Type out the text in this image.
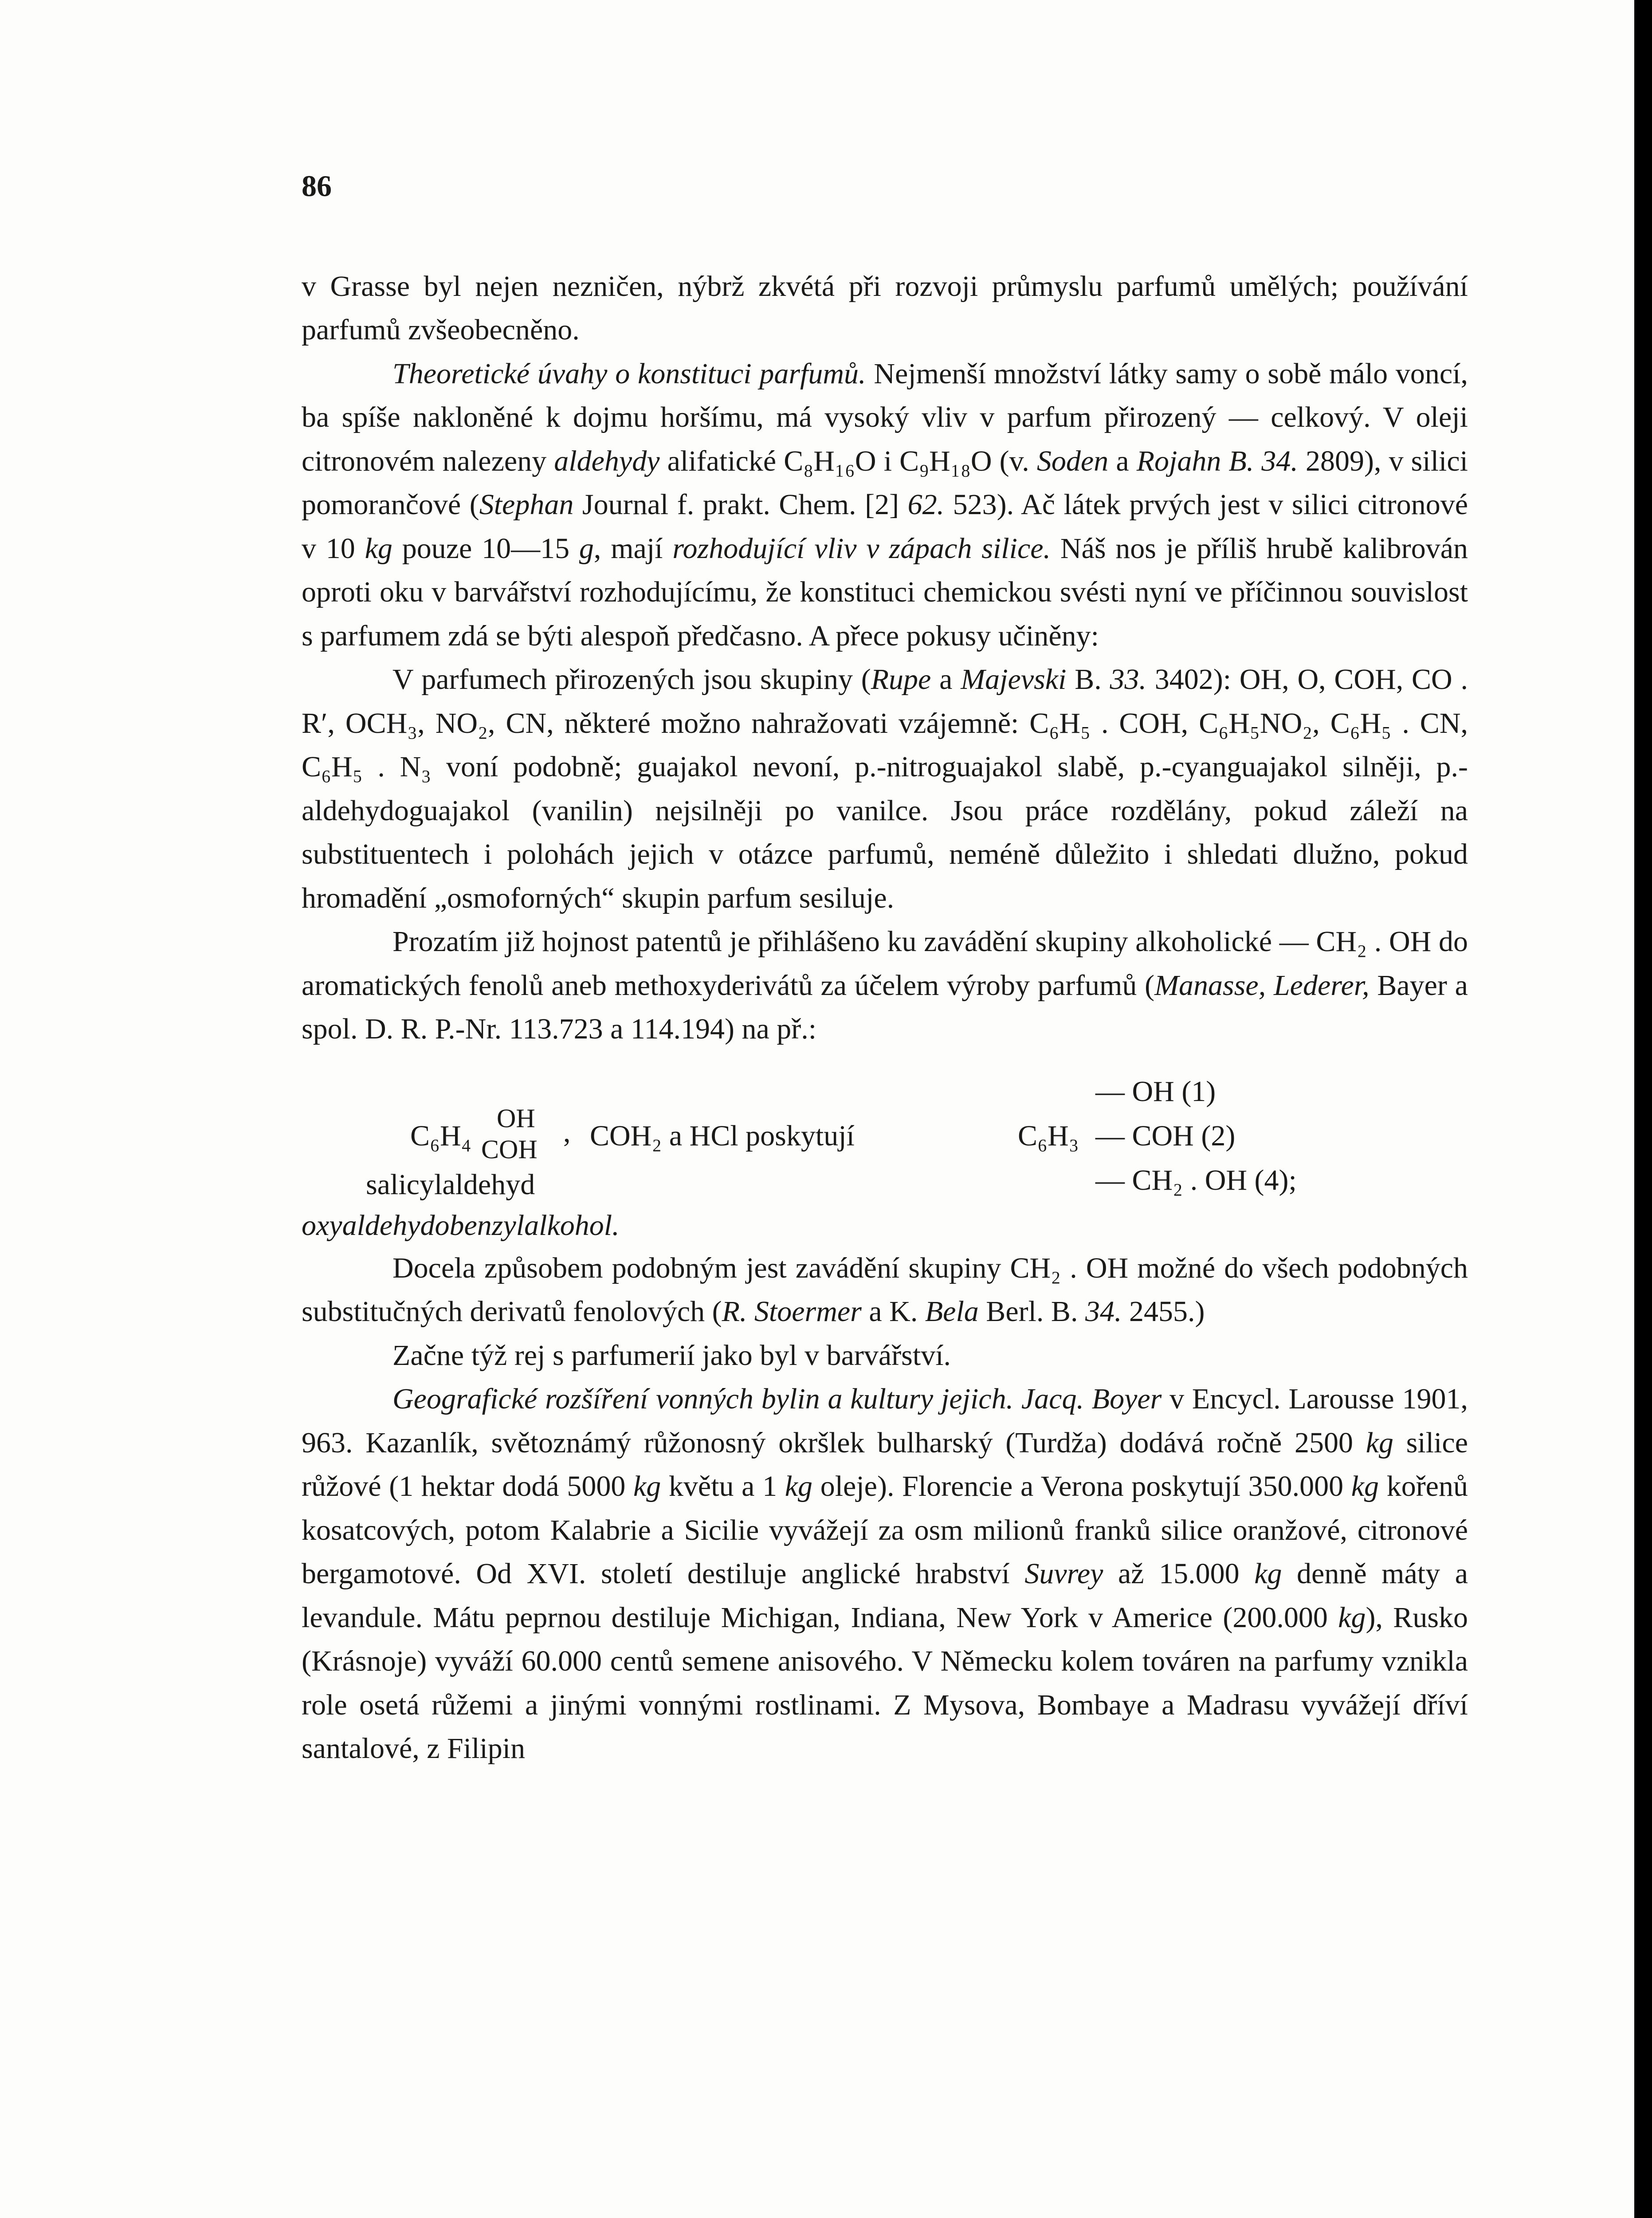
86

v Grasse byl nejen nezničen, nýbrž zkvétá při rozvoji průmyslu parfumů umělých; používání parfumů zvšeobecněno.

Theoretické úvahy o konstituci parfumů. Nejmenší množství látky samy o sobě málo voncí, ba spíše nakloněné k dojmu horšímu, má vysoký vliv v parfum přirozený — celkový. V oleji citronovém nalezeny aldehydy alifatické C₈H₁₆O i C₉H₁₈O (v. Soden a Rojahn B. 34. 2809), v silici pomorančové (Stephan Journal f. prakt. Chem. [2] 62. 523). Ač látek prvých jest v silici citronové v 10 kg pouze 10—15 g, mají rozhodující vliv v zápach silice. Náš nos je příliš hrubě kalibrován oproti oku v barvářství rozhodujícímu, že konstituci chemickou svésti nyní ve příčinnou souvislost s parfumem zdá se býti alespoň předčasno. A přece pokusy učiněny:

V parfumech přirozených jsou skupiny (Rupe a Majevski B. 33. 3402): OH, O, COH, CO . R′, OCH₃, NO₂, CN, některé možno nahražovati vzájemně: C₆H₅ . COH, C₆H₅NO₂, C₆H₅ . CN, C₆H₅ . N₃ voní podobně; guajakol nevoní, p.-nitroguajakol slabě, p.-cyanguajakol silněji, p.-aldehydoguajakol (vanilin) nejsilněji po vanilce. Jsou práce rozdělány, pokud záleží na substituentech i polohách jejich v otázce parfumů, neméně důležito i shledati dlužno, pokud hromadění „osmoforných“ skupin parfum sesiluje.

Prozatím již hojnost patentů je přihlášeno ku zavádění skupiny alkoholické — CH₂ . OH do aromatických fenolů aneb methoxyderivátů za účelem výroby parfumů (Manasse, Lederer, Bayer a spol. D. R. P.-Nr. 113.723 a 114.194) na př.:

C₆H₄
OH
COH
, COH₂ a HCl poskytují	C₆H₃
— OH (1)
— COH (2)
— CH₂ . OH (4);
salicylaldehyd
oxyaldehydobenzylalkohol.

Docela způsobem podobným jest zavádění skupiny CH₂ . OH možné do všech podobných substitučných derivatů fenolových (R. Stoermer a K. Bela Berl. B. 34. 2455.)

Začne týž rej s parfumerií jako byl v barvářství.

Geografické rozšíření vonných bylin a kultury jejich. Jacq. Boyer v Encycl. Larousse 1901, 963. Kazanlík, světoznámý růžonosný okršlek bulharský (Turdža) dodává ročně 2500 kg silice růžové (1 hektar dodá 5000 kg květu a 1 kg oleje). Florencie a Verona poskytují 350.000 kg kořenů kosatcových, potom Kalabrie a Sicilie vyvážejí za osm milionů franků silice oranžové, citronové bergamotové. Od XVI. století destiluje anglické hrabství Suvrey až 15.000 kg denně máty a levandule. Mátu peprnou destiluje Michigan, Indiana, New York v Americe (200.000 kg), Rusko (Krásnoje) vyváží 60.000 centů semene anisového. V Německu kolem továren na parfumy vznikla role osetá růžemi a jinými vonnými rostlinami. Z Mysova, Bombaye a Madrasu vyvážejí dříví santalové, z Filipin
